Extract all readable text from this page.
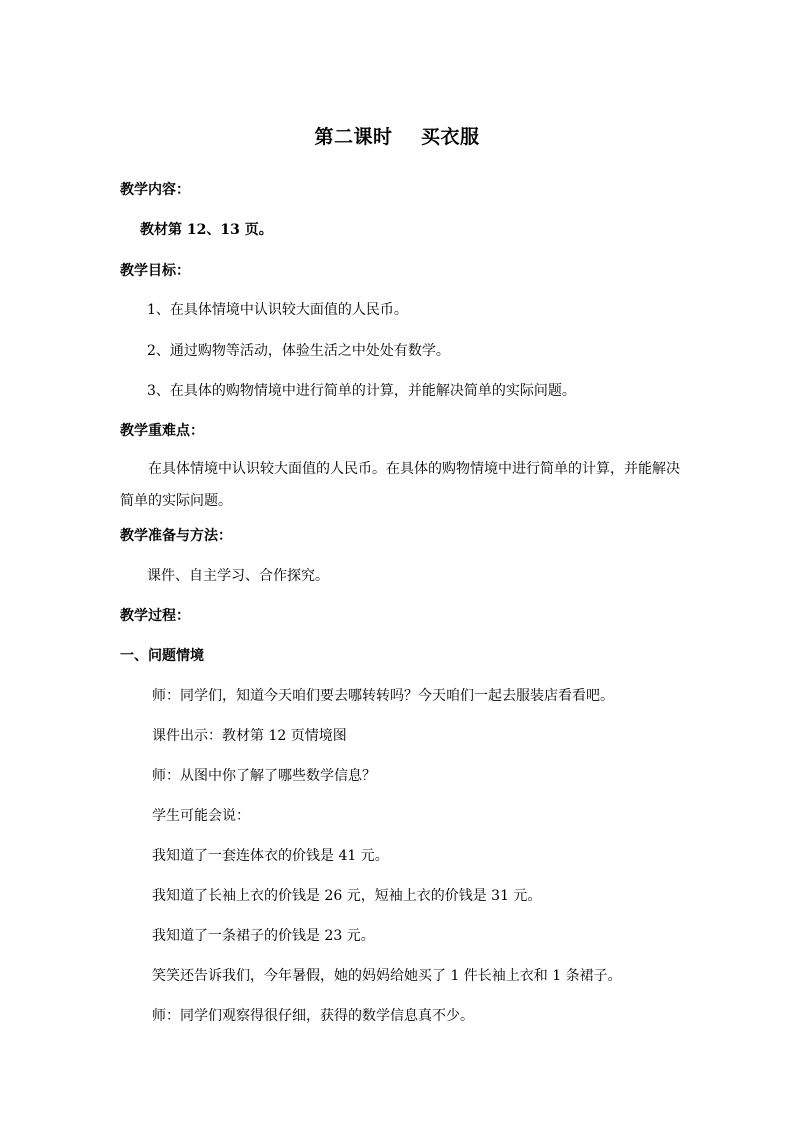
第二课时    买衣服
教学内容：
教材第 12、13 页。
教学目标：
1、在具体情境中认识较大面值的人民币。
2、通过购物等活动，体验生活之中处处有数学。
3、在具体的购物情境中进行简单的计算，并能解决简单的实际问题。
教学重难点：
在具体情境中认识较大面值的人民币。在具体的购物情境中进行简单的计算，并能解决简单的实际问题。
教学准备与方法：
课件、自主学习、合作探究。
教学过程：
一、问题情境
师：同学们，知道今天咱们要去哪转转吗？今天咱们一起去服装店看看吧。
课件出示：教材第 12 页情境图
师：从图中你了解了哪些数学信息？
学生可能会说：
我知道了一套连体衣的价钱是 41 元。
我知道了长袖上衣的价钱是 26 元，短袖上衣的价钱是 31 元。
我知道了一条裙子的价钱是 23 元。
笑笑还告诉我们，今年暑假，她的妈妈给她买了 1 件长袖上衣和 1 条裙子。
师：同学们观察得很仔细，获得的数学信息真不少。
